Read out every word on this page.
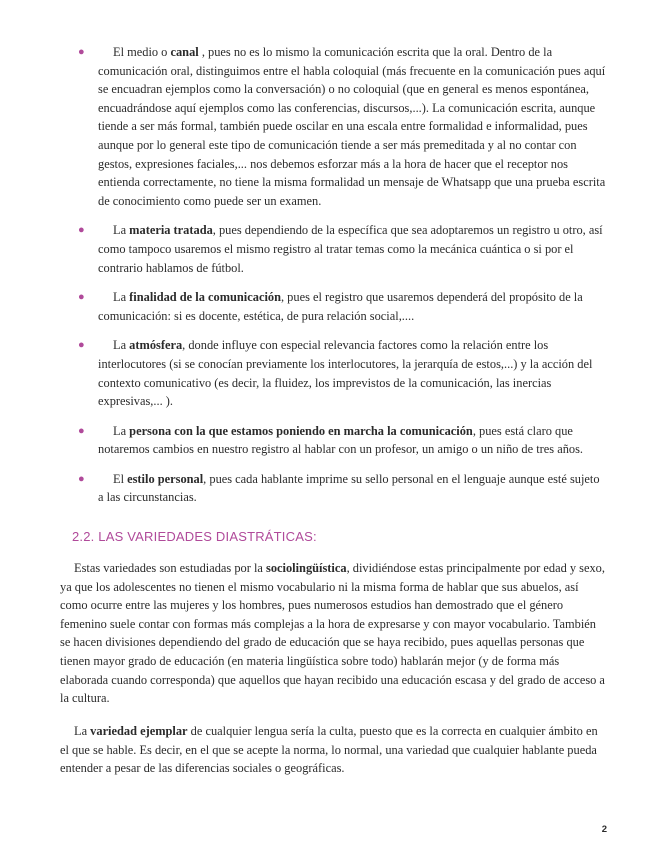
●	El medio o canal , pues no es lo mismo la comunicación escrita que la oral. Dentro de la comunicación oral, distinguimos entre el habla coloquial (más frecuente en la comunicación pues aquí se encuadran ejemplos como la conversación) o no coloquial (que en general es menos espontánea, encuadrándose aquí ejemplos como las conferencias, discursos,...). La comunicación escrita, aunque tiende a ser más formal, también puede oscilar en una escala entre formalidad e informalidad, pues aunque por lo general este tipo de comunicación tiende a ser más premeditada y al no contar con gestos, expresiones faciales,... nos debemos esforzar más a la hora de hacer que el receptor nos entienda correctamente, no tiene la misma formalidad un mensaje de Whatsapp que una prueba escrita de conocimiento como puede ser un examen.
●	La materia tratada, pues dependiendo de la específica que sea adoptaremos un registro u otro, así como tampoco usaremos el mismo registro al tratar temas como la mecánica cuántica o si por el contrario hablamos de fútbol.
●	La finalidad de la comunicación, pues el registro que usaremos dependerá del propósito de la comunicación: si es docente, estética, de pura relación social,....
●	La atmósfera, donde influye con especial relevancia factores como la relación entre los interlocutores (si se conocían previamente los interlocutores, la jerarquía de estos,...) y la acción del contexto comunicativo (es decir, la fluidez, los imprevistos de la comunicación, las inercias expresivas,... ).
●	La persona con la que estamos poniendo en marcha la comunicación, pues está claro que notaremos cambios en nuestro registro al hablar con un profesor, un amigo o un niño de tres años.
●	El estilo personal, pues cada hablante imprime su sello personal en el lenguaje aunque esté sujeto a las circunstancias.
2.2. LAS VARIEDADES DIASTRÁTICAS:

Estas variedades son estudiadas por la sociolingüística, dividiéndose estas principalmente por edad y sexo, ya que los adolescentes no tienen el mismo vocabulario ni la misma forma de hablar que sus abuelos, así como ocurre entre las mujeres y los hombres, pues numerosos estudios han demostrado que el género femenino suele contar con formas más complejas a la hora de expresarse y con mayor vocabulario. También se hacen divisiones dependiendo del grado de educación que se haya recibido, pues aquellas personas que tienen mayor grado de educación (en materia lingüística sobre todo) hablarán mejor (y de forma más elaborada cuando corresponda) que aquellos que hayan recibido una educación escasa y del grado de acceso a la cultura.

La variedad ejemplar de cualquier lengua sería la culta, puesto que es la correcta en cualquier ámbito en el que se hable. Es decir, en el que se acepte la norma, lo normal, una variedad que cualquier hablante pueda entender a pesar de las diferencias sociales o geográficas.

2
